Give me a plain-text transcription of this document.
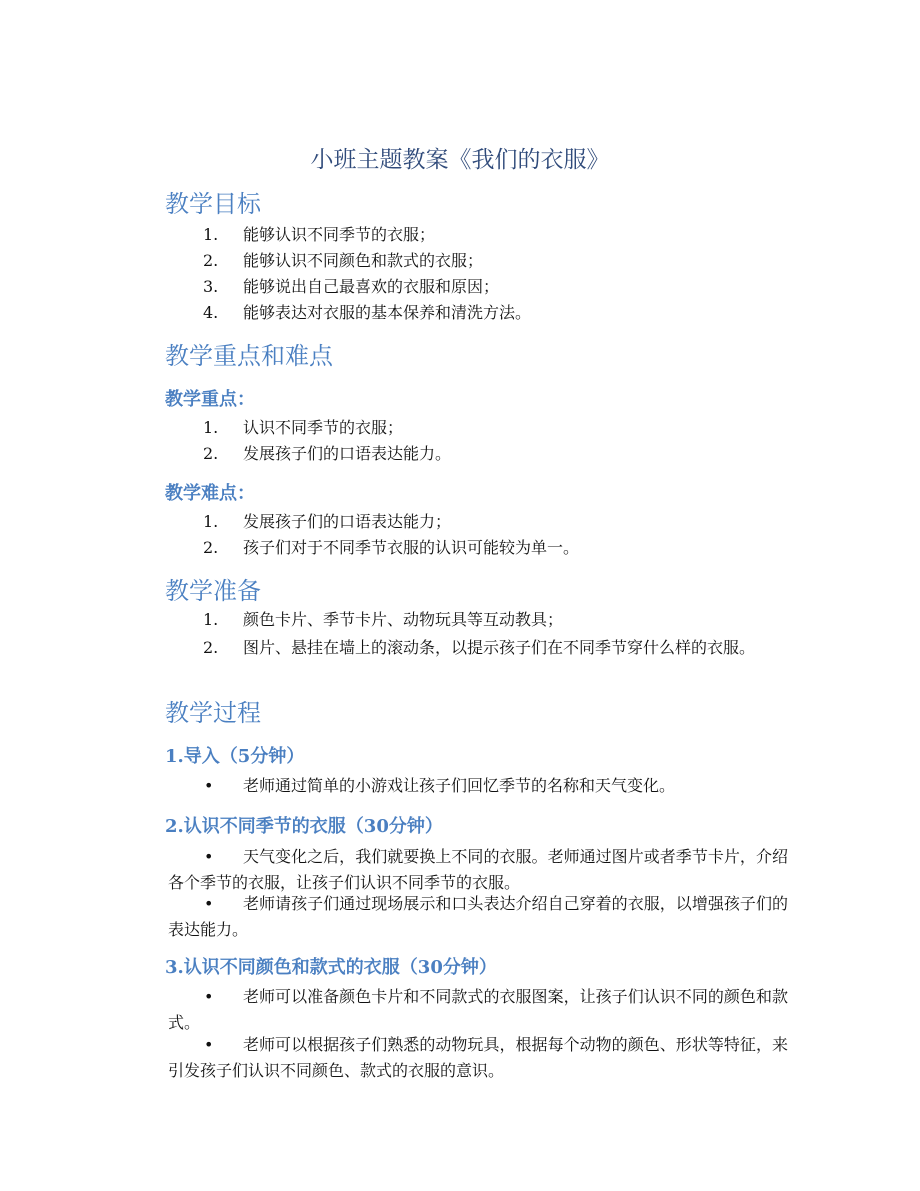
小班主题教案《我们的衣服》
教学目标
1. 能够认识不同季节的衣服；
2. 能够认识不同颜色和款式的衣服；
3. 能够说出自己最喜欢的衣服和原因；
4. 能够表达对衣服的基本保养和清洗方法。
教学重点和难点
教学重点：
1. 认识不同季节的衣服；
2. 发展孩子们的口语表达能力。
教学难点：
1. 发展孩子们的口语表达能力；
2. 孩子们对于不同季节衣服的认识可能较为单一。
教学准备
1. 颜色卡片、季节卡片、动物玩具等互动教具；
2. 图片、悬挂在墙上的滚动条，以提示孩子们在不同季节穿什么样的衣服。
教学过程
1.导入（5分钟）
• 老师通过简单的小游戏让孩子们回忆季节的名称和天气变化。
2.认识不同季节的衣服（30分钟）
• 天气变化之后，我们就要换上不同的衣服。老师通过图片或者季节卡片，介绍各个季节的衣服，让孩子们认识不同季节的衣服。
• 老师请孩子们通过现场展示和口头表达介绍自己穿着的衣服，以增强孩子们的表达能力。
3.认识不同颜色和款式的衣服（30分钟）
• 老师可以准备颜色卡片和不同款式的衣服图案，让孩子们认识不同的颜色和款式。
• 老师可以根据孩子们熟悉的动物玩具，根据每个动物的颜色、形状等特征，来引发孩子们认识不同颜色、款式的衣服的意识。
